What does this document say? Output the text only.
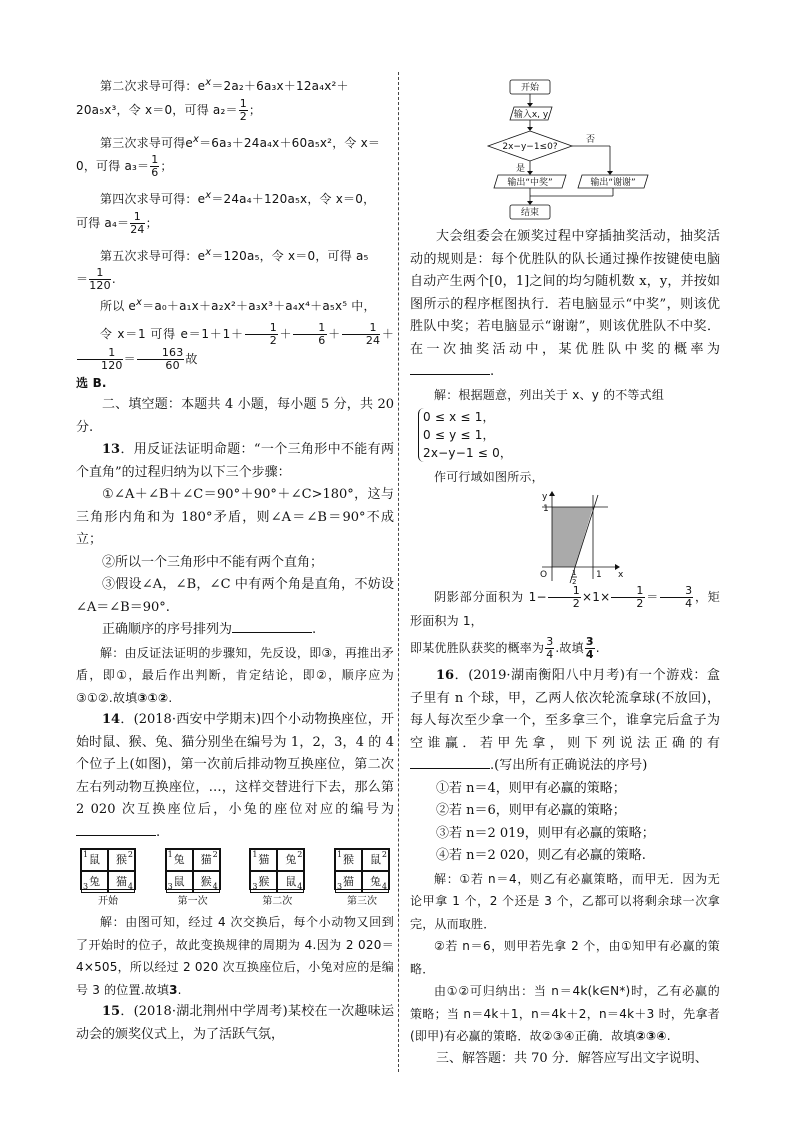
第二次求导可得：$e^x=2a_2+6a_3x+12a_4x^2+$
20a₅x³，令 x＝0，可得 $a_2= \frac{1}{2}$ ；
第三次求导可得$e^x=6a_3+24a_4x+60a_5x^2$，令 x＝
0，可得 $a_3= \frac{1}{6}$ ；
第四次求导可得：$e^x=24a_4+120a_5x$，令 x＝0，
可得 $a_4= \frac{1}{24}$ ；
第五次求导可得：$e^x=120a_5$，令 x＝0，可得 a₅
＝ $\frac{1}{120}$ .
所以 $e^x=a_0+a_1x+a_2x^2+a_3x^3+a_4x^4+a_5x^5$ 中，
令 x＝1 可得 $e=1+1+ \frac{1}{2} + \frac{1}{6} + \frac{1}{24}$ ＋
$\frac{1}{120} = \frac{163}{60}$ 故
选 B.
二、填空题：本题共 4 小题，每小题 5 分，共 20 分.
13．用反证法证明命题：“一个三角形中不能有两个直角”的过程归纳为以下三个步骤：
①∠A＋∠B＋∠C＝90°＋90°＋∠C>180°，这与三角形内角和为 180°矛盾，则∠A＝∠B＝90°不成立；
②所以一个三角形中不能有两个直角；
③假设∠A，∠B，∠C 中有两个角是直角，不妨设∠A＝∠B＝90°.
正确顺序的序号排列为	.
解：由反证法证明的步骤知，先反设，即③，再推出矛盾，即①，最后作出判断，肯定结论，即②，顺序应为③①②.故填③①②.
14．(2018·西安中学期末)四个小动物换座位，开始时鼠、猴、兔、猫分别坐在编号为 1，2，3，4 的 4 个位子上(如图)，第一次前后排动物互换座位，第二次左右列动物互换座位，…，这样交替进行下去，那么第 2 020 次互换座位后，小兔的座位对应的编号为.
1 鼠	2
猴
3 兔	4
猫
开始
1 兔	2
猫
3 鼠	4
猴
第一次
1 猫	2
兔
3 猴	4
鼠
第二次
1 猴	2
鼠
3 猫	4
兔
第三次
解：由图可知，经过 4 次交换后，每个小动物又回到了开始时的位子，故此变换规律的周期为 4.因为 2 020＝4×505，所以经过 2 020 次互换座位后，小兔对应的是编号 3 的位置.故填3.
15．(2018·湖北荆州中学周考)某校在一次趣味运动会的颁奖仪式上，为了活跃气氛，
开始
输入x, y
2x−y−1≤0?
否
是
输出“中奖”	输出“谢谢”
结束
大会组委会在颁奖过程中穿插抽奖活动，抽奖活动的规则是：每个优胜队的队长通过操作按键使电脑自动产生两个[0，1]之间的均匀随机数 x，y，并按如图所示的程序框图执行．若电脑显示“中奖”，则该优胜队中奖；若电脑显示“谢谢”，则该优胜队不中奖．在一次抽奖活动中，某优胜队中奖的概率为.
解：根据题意，列出关于 x、y 的不等式组
0 ≤ x ≤ 1，
0 ≤ y ≤ 1，
2x−y−1 ≤ 0，
作可行域如图所示，
y
x
O
1
1
1
2
阴影部分面积为 $1- \frac{1}{2} \times 1\times \frac{1}{2} = \frac{3}{4}$ ，矩形面积为 1，
即某优胜队获奖的概率为 $\frac{3}{4}$ .故填 $\frac{3}{4}$ .
16．(2019·湖南衡阳八中月考)有一个游戏：盒子里有 n 个球，甲，乙两人依次轮流拿球(不放回)，每人每次至少拿一个，至多拿三个，谁拿完后盒子为空谁赢．若甲先拿，则下列说法正确的有.(写出所有正确说法的序号)
①若 n＝4，则甲有必赢的策略；
②若 n＝6，则甲有必赢的策略；
③若 n＝2 019，则甲有必赢的策略；
④若 n＝2 020，则乙有必赢的策略.
解：①若 n＝4，则乙有必赢策略，而甲无．因为无论甲拿 1 个，2 个还是 3 个，乙都可以将剩余球一次拿完，从而取胜．
②若 n＝6，则甲若先拿 2 个，由①知甲有必赢的策略．
由①②可归纳出：当 n＝4k(k∈N*)时，乙有必赢的策略；当 n＝4k＋1，n＝4k＋2，n＝4k＋3 时，先拿者(即甲)有必赢的策略．故②③④正确．故填②③④.
三、解答题：共 70 分．解答应写出文字说明、
